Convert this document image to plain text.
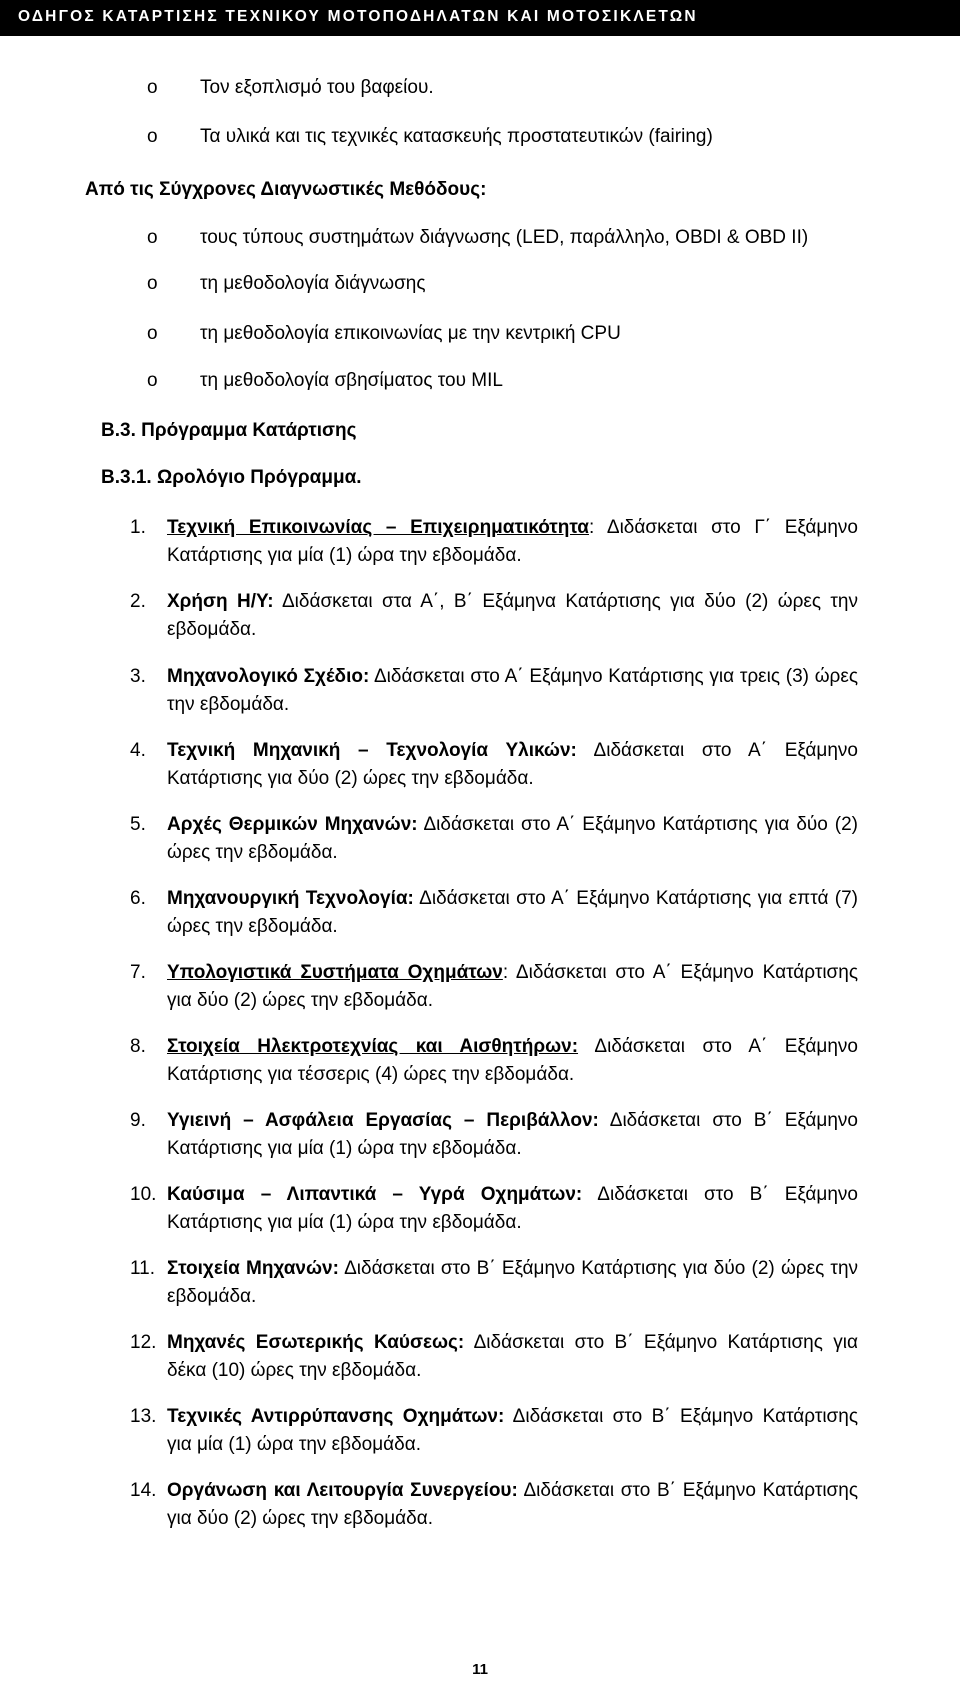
ΟΔΗΓΟΣ ΚΑΤΑΡΤΙΣΗΣ ΤΕΧΝΙΚΟΥ ΜΟΤΟΠΟΔΗΛΑΤΩΝ ΚΑΙ ΜΟΤΟΣΙΚΛΕΤΩΝ
o	Τον εξοπλισμό του βαφείου.
o	Τα υλικά και τις τεχνικές κατασκευής προστατευτικών (fairing)
Από τις Σύγχρονες Διαγνωστικές Μεθόδους:
o	τους τύπους συστημάτων διάγνωσης (LED, παράλληλο, OBDI & OBD II)
o	τη μεθοδολογία διάγνωσης
o	τη μεθοδολογία επικοινωνίας με την κεντρική CPU
o	τη μεθοδολογία σβησίματος του MIL
Β.3. Πρόγραμμα Κατάρτισης
Β.3.1. Ωρολόγιο Πρόγραμμα.
1. Τεχνική Επικοινωνίας – Επιχειρηματικότητα: Διδάσκεται στο Γ΄ Εξάμηνο Κατάρτισης για μία (1) ώρα την εβδομάδα.
2. Χρήση Η/Υ: Διδάσκεται στα Α΄, Β΄ Εξάμηνα Κατάρτισης για δύο (2) ώρες την εβδομάδα.
3. Μηχανολογικό Σχέδιο: Διδάσκεται στο Α΄ Εξάμηνο Κατάρτισης για τρεις (3) ώρες την εβδομάδα.
4. Τεχνική Μηχανική – Τεχνολογία Υλικών: Διδάσκεται στο Α΄ Εξάμηνο Κατάρτισης για δύο (2) ώρες την εβδομάδα.
5. Αρχές Θερμικών Μηχανών: Διδάσκεται στο Α΄ Εξάμηνο Κατάρτισης για δύο (2) ώρες την εβδομάδα.
6. Μηχανουργική Τεχνολογία: Διδάσκεται στο Α΄ Εξάμηνο Κατάρτισης για επτά (7) ώρες την εβδομάδα.
7. Υπολογιστικά Συστήματα Οχημάτων: Διδάσκεται στο Α΄ Εξάμηνο Κατάρτισης για δύο (2) ώρες την εβδομάδα.
8. Στοιχεία Ηλεκτροτεχνίας και Αισθητήρων: Διδάσκεται στο Α΄ Εξάμηνο Κατάρτισης για τέσσερις (4) ώρες την εβδομάδα.
9. Υγιεινή – Ασφάλεια Εργασίας – Περιβάλλον: Διδάσκεται στο Β΄ Εξάμηνο Κατάρτισης για μία (1) ώρα την εβδομάδα.
10. Καύσιμα – Λιπαντικά – Υγρά Οχημάτων: Διδάσκεται στο Β΄ Εξάμηνο Κατάρτισης για μία (1) ώρα την εβδομάδα.
11. Στοιχεία Μηχανών: Διδάσκεται στο Β΄ Εξάμηνο Κατάρτισης για δύο (2) ώρες την εβδομάδα.
12. Μηχανές Εσωτερικής Καύσεως: Διδάσκεται στο Β΄ Εξάμηνο Κατάρτισης για δέκα (10) ώρες την εβδομάδα.
13. Τεχνικές Αντιρρύπανσης Οχημάτων: Διδάσκεται στο Β΄ Εξάμηνο Κατάρτισης για μία (1) ώρα την εβδομάδα.
14. Οργάνωση και Λειτουργία Συνεργείου: Διδάσκεται στο Β΄ Εξάμηνο Κατάρτισης για δύο (2) ώρες την εβδομάδα.
11
